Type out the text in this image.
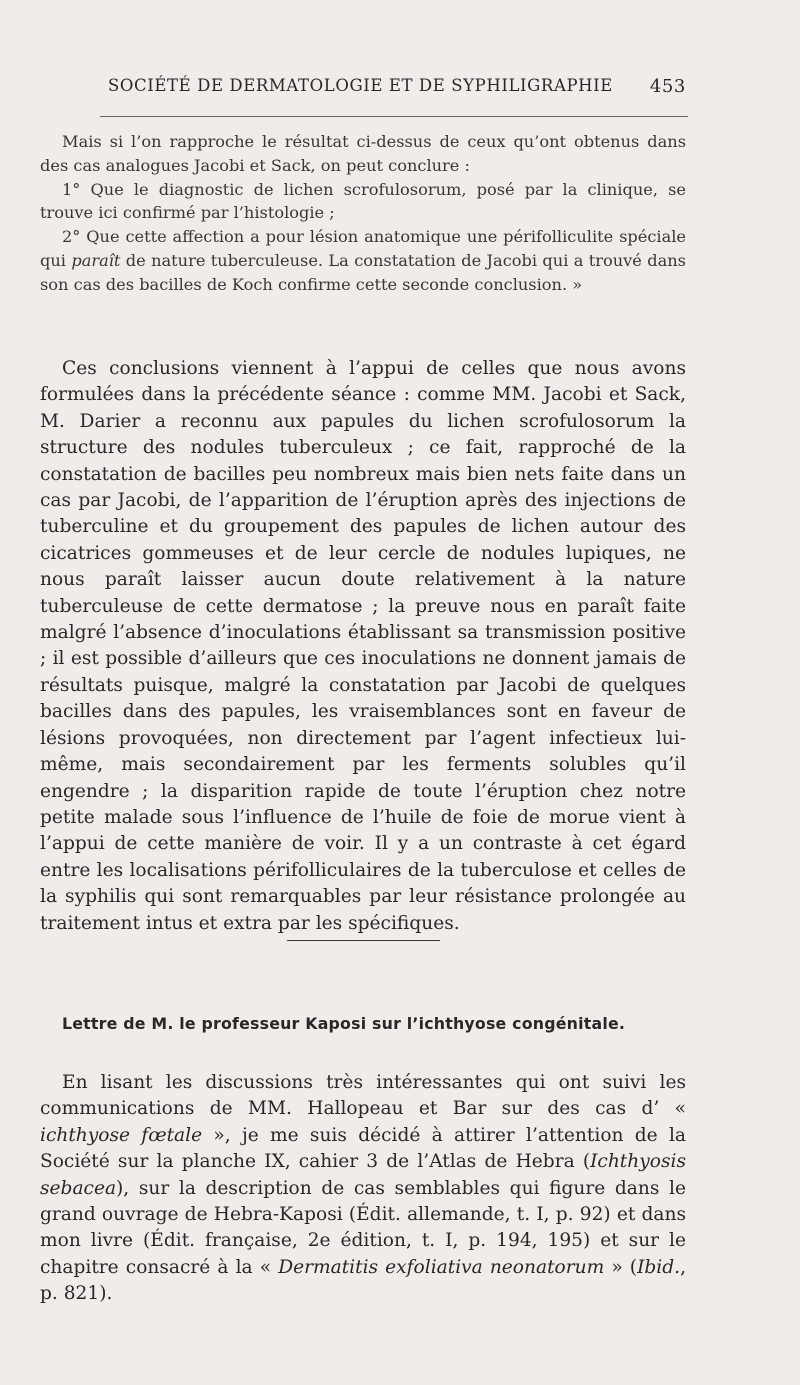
SOCIÉTÉ DE DERMATOLOGIE ET DE SYPHILIGRAPHIE 453

Mais si l’on rapproche le résultat ci-dessus de ceux qu’ont obtenus dans des cas analogues Jacobi et Sack, on peut conclure :

1° Que le diagnostic de lichen scrofulosorum, posé par la clinique, se trouve ici confirmé par l’histologie ;

2° Que cette affection a pour lésion anatomique une périfolliculite spéciale qui paraît de nature tuberculeuse. La constatation de Jacobi qui a trouvé dans son cas des bacilles de Koch confirme cette seconde conclusion. »

Ces conclusions viennent à l’appui de celles que nous avons formulées dans la précédente séance : comme MM. Jacobi et Sack, M. Darier a reconnu aux papules du lichen scrofulosorum la structure des nodules tuberculeux ; ce fait, rapproché de la constatation de bacilles peu nombreux mais bien nets faite dans un cas par Jacobi, de l’apparition de l’éruption après des injections de tuberculine et du groupement des papules de lichen autour des cicatrices gommeuses et de leur cercle de nodules lupiques, ne nous paraît laisser aucun doute relativement à la nature tuberculeuse de cette dermatose ; la preuve nous en paraît faite malgré l’absence d’inoculations établissant sa transmission positive ; il est possible d’ailleurs que ces inoculations ne donnent jamais de résultats puisque, malgré la constatation par Jacobi de quelques bacilles dans des papules, les vraisemblances sont en faveur de lésions provoquées, non directement par l’agent infectieux lui-même, mais secondairement par les ferments solubles qu’il engendre ; la disparition rapide de toute l’éruption chez notre petite malade sous l’influence de l’huile de foie de morue vient à l’appui de cette manière de voir. Il y a un contraste à cet égard entre les localisations périfolliculaires de la tuberculose et celles de la syphilis qui sont remarquables par leur résistance prolongée au traitement intus et extra par les spécifiques.

Lettre de M. le professeur Kaposi sur l’ichthyose congénitale.

En lisant les discussions très intéressantes qui ont suivi les communications de MM. Hallopeau et Bar sur des cas d’ « ichthyose fœtale », je me suis décidé à attirer l’attention de la Société sur la planche IX, cahier 3 de l’Atlas de Hebra (Ichthyosis sebacea), sur la description de cas semblables qui figure dans le grand ouvrage de Hebra-Kaposi (Édit. allemande, t. I, p. 92) et dans mon livre (Édit. française, 2e édition, t. I, p. 194, 195) et sur le chapitre consacré à la « Dermatitis exfoliativa neonatorum » (Ibid., p. 821).
